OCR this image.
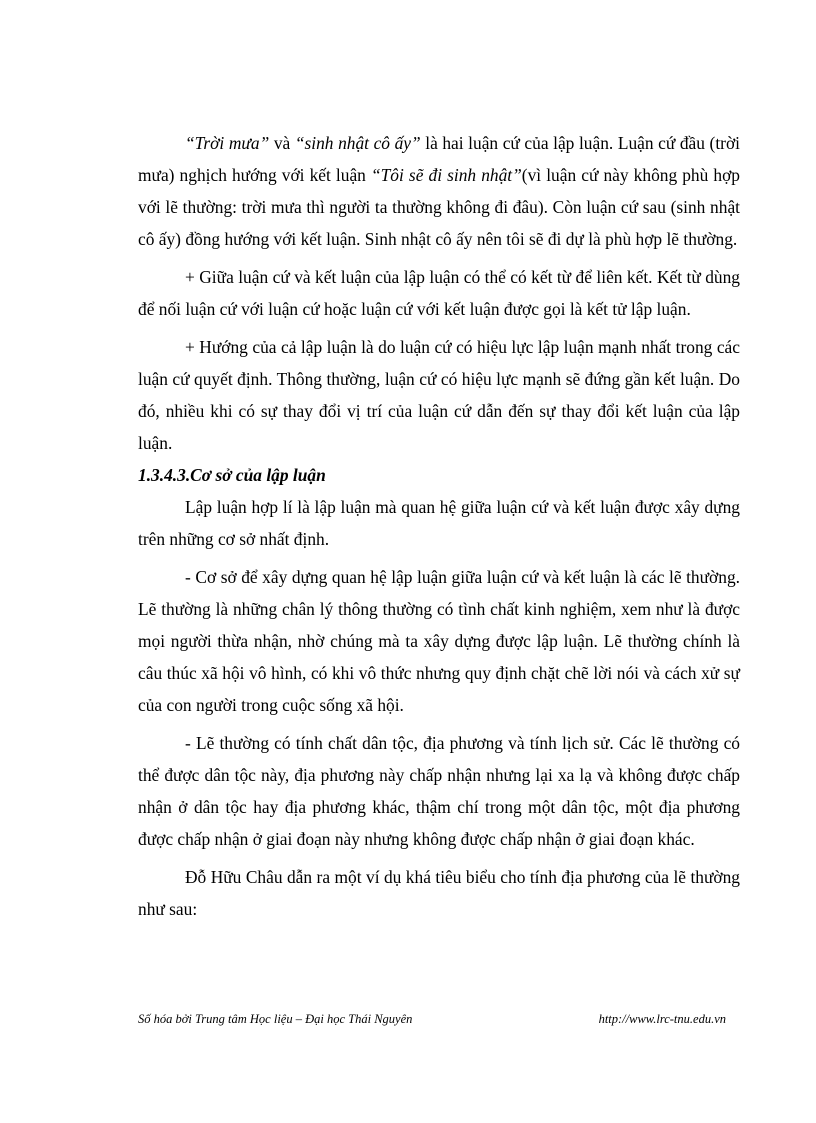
“Trời mưa” và “sinh nhật cô ấy” là hai luận cứ của lập luận. Luận cứ đầu (trời mưa) nghịch hướng với kết luận “Tôi sẽ đi sinh nhật”(vì luận cứ này không phù hợp với lẽ thường: trời mưa thì người ta thường không đi đâu). Còn luận cứ sau (sinh nhật cô ấy) đồng hướng với kết luận. Sinh nhật cô ấy nên tôi sẽ đi dự là phù hợp lẽ thường.

+ Giữa luận cứ và kết luận của lập luận có thể có kết từ để liên kết. Kết từ dùng để nối luận cứ với luận cứ hoặc luận cứ với kết luận được gọi là kết tử lập luận.

+ Hướng của cả lập luận là do luận cứ có hiệu lực lập luận mạnh nhất trong các luận cứ quyết định. Thông thường, luận cứ có hiệu lực mạnh sẽ đứng gần kết luận. Do đó, nhiều khi có sự thay đổi vị trí của luận cứ dẫn đến sự thay đổi kết luận của lập luận.

1.3.4.3.Cơ sở của lập luận

Lập luận hợp lí là lập luận mà quan hệ giữa luận cứ và kết luận được xây dựng trên những cơ sở nhất định.

- Cơ sở để xây dựng quan hệ lập luận giữa luận cứ và kết luận là các lẽ thường. Lẽ thường là những chân lý thông thường có tình chất kinh nghiệm, xem như là được mọi người thừa nhận, nhờ chúng mà ta xây dựng được lập luận. Lẽ thường chính là câu thúc xã hội vô hình, có khi vô thức nhưng quy định chặt chẽ lời nói và cách xử sự của con người trong cuộc sống xã hội.

- Lẽ thường có tính chất dân tộc, địa phương và tính lịch sử. Các lẽ thường có thể được dân tộc này, địa phương này chấp nhận nhưng lại xa lạ và không được chấp nhận ở dân tộc hay địa phương khác, thậm chí trong một dân tộc, một địa phương được chấp nhận ở giai đoạn này nhưng không được chấp nhận ở giai đoạn khác.

Đỗ Hữu Châu dẫn ra một ví dụ khá tiêu biểu cho tính địa phương của lẽ thường như sau:

Số hóa bởi Trung tâm Học liệu – Đại học Thái Nguyên	http://www.lrc-tnu.edu.vn
